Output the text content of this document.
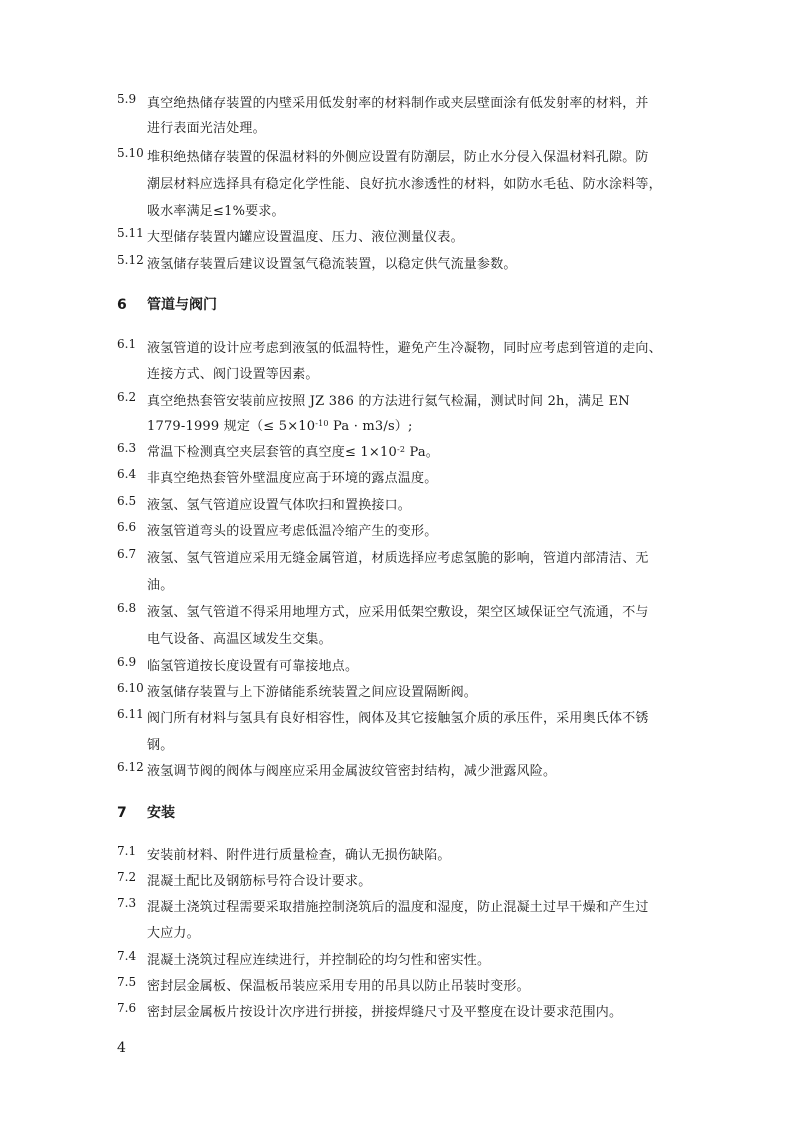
5.9 真空绝热储存装置的内壁采用低发射率的材料制作或夹层壁面涂有低发射率的材料，并
进行表面光洁处理。
5.10 堆积绝热储存装置的保温材料的外侧应设置有防潮层，防止水分侵入保温材料孔隙。防
潮层材料应选择具有稳定化学性能、良好抗水渗透性的材料，如防水毛毡、防水涂料等，
吸水率满足≤1%要求。
5.11 大型储存装置内罐应设置温度、压力、液位测量仪表。
5.12 液氢储存装置后建议设置氢气稳流装置，以稳定供气流量参数。
6 管道与阀门
6.1 液氢管道的设计应考虑到液氢的低温特性，避免产生冷凝物，同时应考虑到管道的走向、
连接方式、阀门设置等因素。
6.2 真空绝热套管安装前应按照 JZ 386 的方法进行氦气检漏，测试时间 2h，满足 EN
1779-1999 规定（≤ $5\times 10^{-10}$ Pa · m3/s）;
6.3 常温下检测真空夹层套管的真空度≤ $1\times 10^{-2}$ Pa。
6.4 非真空绝热套管外壁温度应高于环境的露点温度。
6.5 液氢、氢气管道应设置气体吹扫和置换接口。
6.6 液氢管道弯头的设置应考虑低温冷缩产生的变形。
6.7 液氢、氢气管道应采用无缝金属管道，材质选择应考虑氢脆的影响，管道内部清洁、无
油。
6.8 液氢、氢气管道不得采用地埋方式，应采用低架空敷设，架空区域保证空气流通，不与
电气设备、高温区域发生交集。
6.9 临氢管道按长度设置有可靠接地点。
6.10 液氢储存装置与上下游储能系统装置之间应设置隔断阀。
6.11 阀门所有材料与氢具有良好相容性，阀体及其它接触氢介质的承压件，采用奥氏体不锈
钢。
6.12 液氢调节阀的阀体与阀座应采用金属波纹管密封结构，减少泄露风险。
7 安装
7.1 安装前材料、附件进行质量检查，确认无损伤缺陷。
7.2 混凝土配比及钢筋标号符合设计要求。
7.3 混凝土浇筑过程需要采取措施控制浇筑后的温度和湿度，防止混凝土过早干燥和产生过
大应力。
7.4 混凝土浇筑过程应连续进行，并控制砼的均匀性和密实性。
7.5 密封层金属板、保温板吊装应采用专用的吊具以防止吊装时变形。
7.6 密封层金属板片按设计次序进行拼接，拼接焊缝尺寸及平整度在设计要求范围内。
4
